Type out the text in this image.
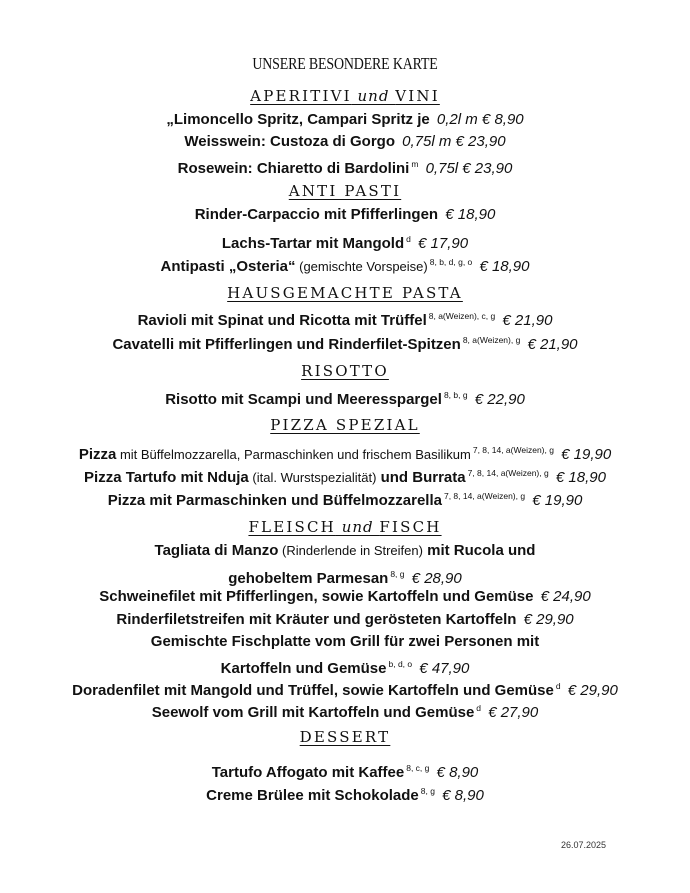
UNSERE BESONDERE KARTE
APERITIVI und VINI
„Limoncello Spritz, Campari Spritz je 0,2l m € 8,90
Weisswein: Custoza di Gorgo 0,75l m € 23,90
Rosewein: Chiaretto di Bardolini $^m$ 0,75l € 23,90
ANTI PASTI
Rinder-Carpaccio mit Pfifferlingen € 18,90
Lachs-Tartar mit Mangold $^d$ € 17,90
Antipasti „Osteria“ (gemischte Vorspeise) $^{8, b, d, g, o}$ € 18,90
HAUSGEMACHTE PASTA
Ravioli mit Spinat und Ricotta mit Trüffel $^{8, a(Weizen), c, g}$ € 21,90
Cavatelli mit Pfifferlingen und Rinderfilet-Spitzen $^{8, a(Weizen), g}$ € 21,90
RISOTTO
Risotto mit Scampi und Meeresspargel $^{8, b, g}$ € 22,90
PIZZA SPEZIAL
Pizza mit Büffelmozzarella, Parmaschinken und frischem Basilikum $^{7, 8, 14, a(Weizen), g}$ € 19,90
Pizza Tartufo mit Nduja (ital. Wurstspezialität) und Burrata $^{7, 8, 14, a(Weizen), g}$ € 18,90
Pizza mit Parmaschinken und Büffelmozzarella $^{7, 8, 14, a(Weizen), g}$ € 19,90
FLEISCH und FISCH
Tagliata di Manzo (Rinderlende in Streifen) mit Rucola und
gehobeltem Parmesan $^{8, g}$ € 28,90
Schweinefilet mit Pfifferlingen, sowie Kartoffeln und Gemüse € 24,90
Rinderfiletstreifen mit Kräuter und gerösteten Kartoffeln € 29,90
Gemischte Fischplatte vom Grill für zwei Personen mit
Kartoffeln und Gemüse $^{b, d, o}$ € 47,90
Doradenfilet mit Mangold und Trüffel, sowie Kartoffeln und Gemüse $^d$ € 29,90
Seewolf vom Grill mit Kartoffeln und Gemüse $^d$ € 27,90
DESSERT
Tartufo Affogato mit Kaffee $^{8, c, g}$ € 8,90
Creme Brülee mit Schokolade $^{8, g}$ € 8,90
26.07.2025
